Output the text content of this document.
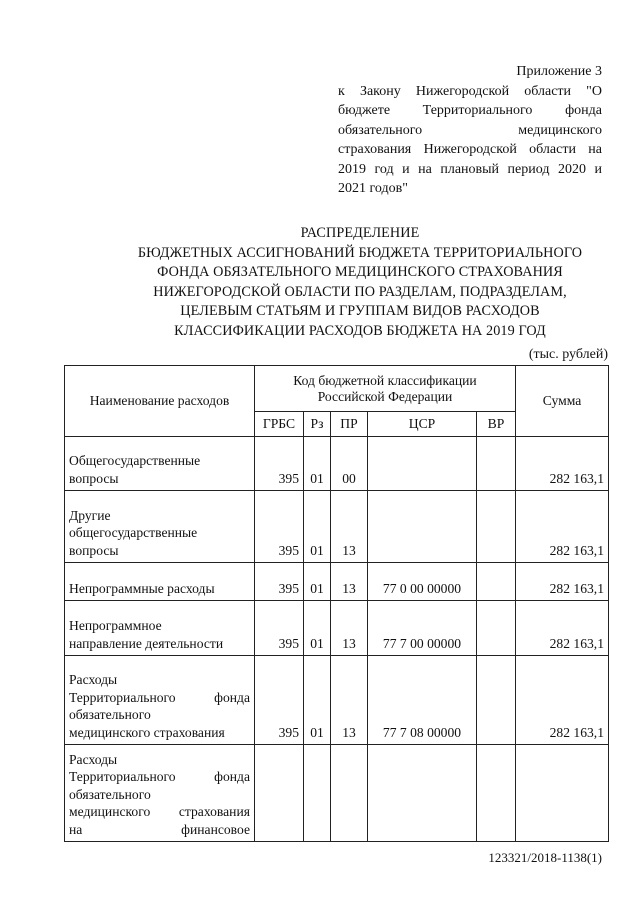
Приложение 3
к Закону Нижегородской области "О
бюджете Территориального фонда
обязательного медицинского
страхования Нижегородской области на
2019 год и на плановый период 2020 и
2021 годов"
РАСПРЕДЕЛЕНИЕ
БЮДЖЕТНЫХ АССИГНОВАНИЙ БЮДЖЕТА ТЕРРИТОРИАЛЬНОГО
ФОНДА ОБЯЗАТЕЛЬНОГО МЕДИЦИНСКОГО СТРАХОВАНИЯ
НИЖЕГОРОДСКОЙ ОБЛАСТИ ПО РАЗДЕЛАМ, ПОДРАЗДЕЛАМ,
ЦЕЛЕВЫМ СТАТЬЯМ И ГРУППАМ ВИДОВ РАСХОДОВ
КЛАССИФИКАЦИИ РАСХОДОВ БЮДЖЕТА НА 2019 ГОД
(тыс. рублей)
Наименование расходов	Код бюджетной классификации
Российской Федерации					Сумма
	ГРБС	Рз	ПР	ЦСР	ВР	

Общегосударственные
вопросы	395	01	00			282 163,1

Другие
общегосударственные
вопросы	395	01	13			282 163,1

Непрограммные расходы	395	01	13	77 0 00 00000		282 163,1

Непрограммное
направление деятельности	395	01	13	77 7 00 00000		282 163,1

Расходы
Территориального фонда
обязательного
медицинского страхования	395	01	13	77 7 08 00000		282 163,1

Расходы
Территориального фонда
обязательного
медицинского страхования
на финансовое						

123321/2018-1138(1)
